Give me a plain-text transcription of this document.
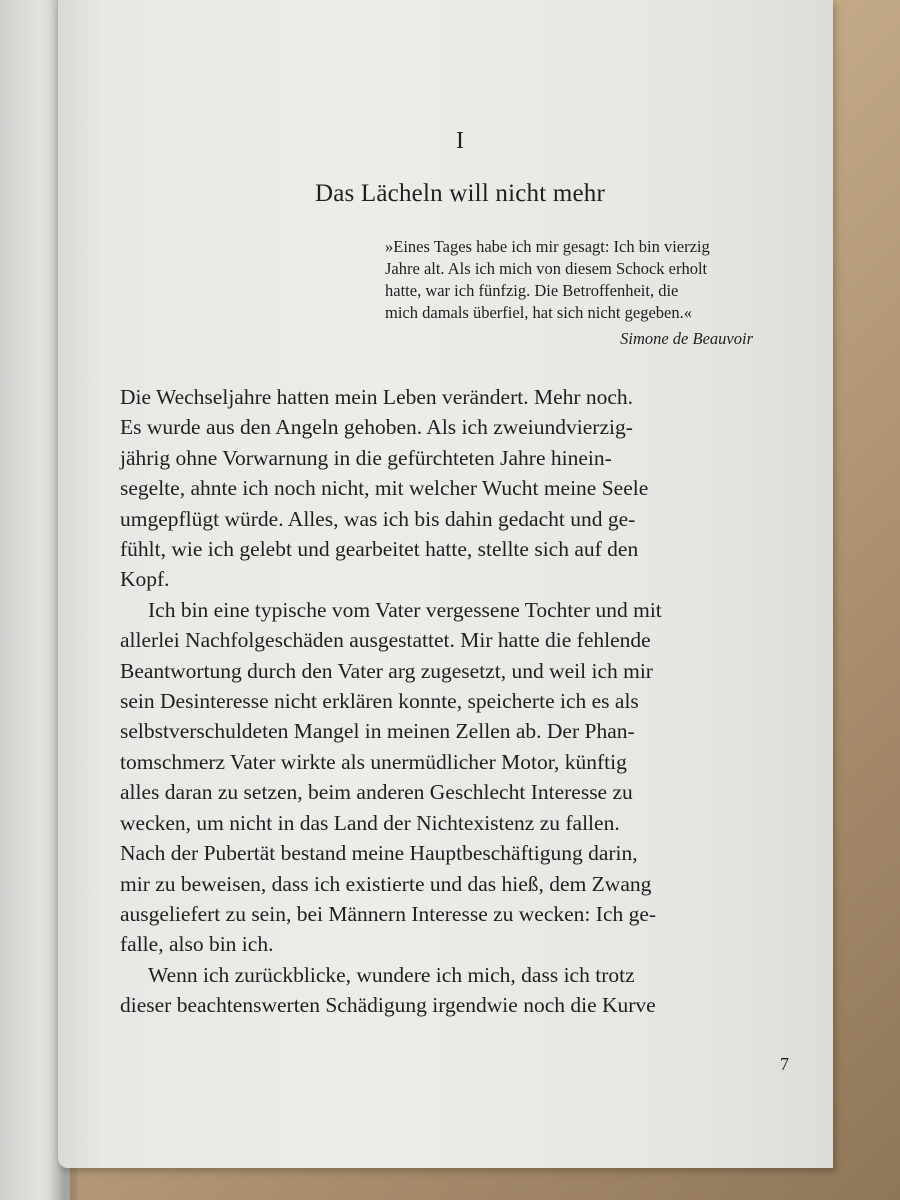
I
Das Lächeln will nicht mehr
»Eines Tages habe ich mir gesagt: Ich bin vierzig
Jahre alt. Als ich mich von diesem Schock erholt
hatte, war ich fünfzig. Die Betroffenheit, die
mich damals überfiel, hat sich nicht gegeben.«
Simone de Beauvoir
Die Wechseljahre hatten mein Leben verändert. Mehr noch.
Es wurde aus den Angeln gehoben. Als ich zweiundvierzig-
jährig ohne Vorwarnung in die gefürchteten Jahre hinein-
segelte, ahnte ich noch nicht, mit welcher Wucht meine Seele
umgepflügt würde. Alles, was ich bis dahin gedacht und ge-
fühlt, wie ich gelebt und gearbeitet hatte, stellte sich auf den
Kopf.
Ich bin eine typische vom Vater vergessene Tochter und mit
allerlei Nachfolgeschäden ausgestattet. Mir hatte die fehlende
Beantwortung durch den Vater arg zugesetzt, und weil ich mir
sein Desinteresse nicht erklären konnte, speicherte ich es als
selbstverschuldeten Mangel in meinen Zellen ab. Der Phan-
tomschmerz Vater wirkte als unermüdlicher Motor, künftig
alles daran zu setzen, beim anderen Geschlecht Interesse zu
wecken, um nicht in das Land der Nichtexistenz zu fallen.
Nach der Pubertät bestand meine Hauptbeschäftigung darin,
mir zu beweisen, dass ich existierte und das hieß, dem Zwang
ausgeliefert zu sein, bei Männern Interesse zu wecken: Ich ge-
falle, also bin ich.
Wenn ich zurückblicke, wundere ich mich, dass ich trotz
dieser beachtenswerten Schädigung irgendwie noch die Kurve
7
